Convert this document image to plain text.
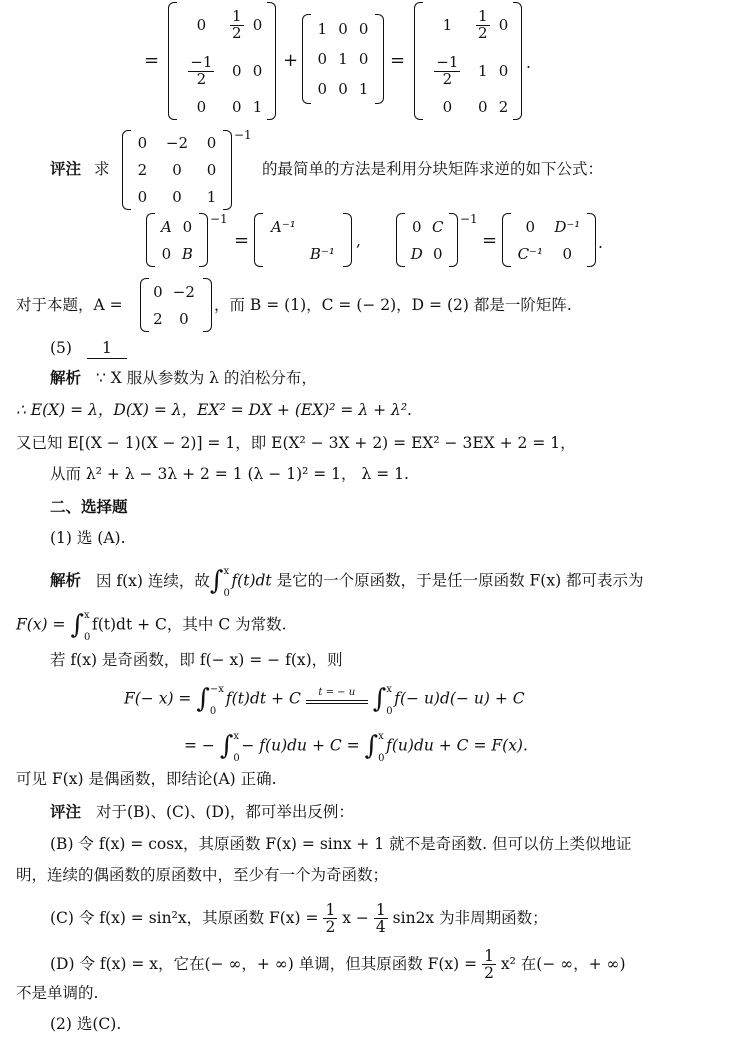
=
0	$\frac{1}{2}$	0

$\frac{-1}{2}$	0	0
0	0	1
+
1	0	0
0	1	0
0	0	1
=
1	$\frac{1}{2}$	0

$\frac{-1}{2}$	1	0
0	0	2
.
评注 求
0	−2	0
2	0	0
0	0	1
−1
的最简单的方法是利用分块矩阵求逆的如下公式：
A	0
0	B
−1
=
A⁻¹	
	B⁻¹
,
0	C
D	0
−1
=
0	D⁻¹
C⁻¹	0
.
对于本题，A =
0	−2
2	0
，而 B = (1)，C = (− 2)，D = (2) 都是一阶矩阵.
(5) 1
解析 ∵ X 服从参数为 λ 的泊松分布，
∴ E(X) = λ，D(X) = λ，EX² = DX + (EX)² = λ + λ².
又已知 E[(X − 1)(X − 2)] = 1，即 E(X² − 3X + 2) = EX² − 3EX + 2 = 1，
从而 λ² + λ − 3λ + 2 = 1 (λ − 1)² = 1， λ = 1.
二、选择题
(1) 选 (A).
解析 因 f(x) 连续，故∫ x
0
f(t)dt 是它的一个原函数，于是任一原函数 F(x) 都可表示为
F(x) = ∫ x
0
f(t)dt + C，其中 C 为常数.
若 f(x) 是奇函数，即 f(− x) = − f(x)，则
F(− x) = ∫ −x
0
f(t)dt + C	t = − u ∫ x
0
f(− u)d(− u) + C
= − ∫ x
0
− f(u)du + C = ∫ x
0
f(u)du + C = F(x).
可见 F(x) 是偶函数，即结论(A) 正确.
评注 对于(B)、(C)、(D)，都可举出反例：
(B) 令 f(x) = cosx，其原函数 F(x) = sinx + 1 就不是奇函数. 但可以仿上类似地证
明，连续的偶函数的原函数中，至少有一个为奇函数；
(C) 令 f(x) = sin²x，其原函数 $F(x) = \frac{1}{2}$ $x - \frac{1}{4} \sin 2x$ 为非周期函数；
(D) 令 f(x) = x，它在(− ∞，+ ∞) 单调，但其原函数 $F(x) = \frac{1}{2} x^2$ 在(− ∞，+ ∞)
不是单调的.
(2) 选(C).
